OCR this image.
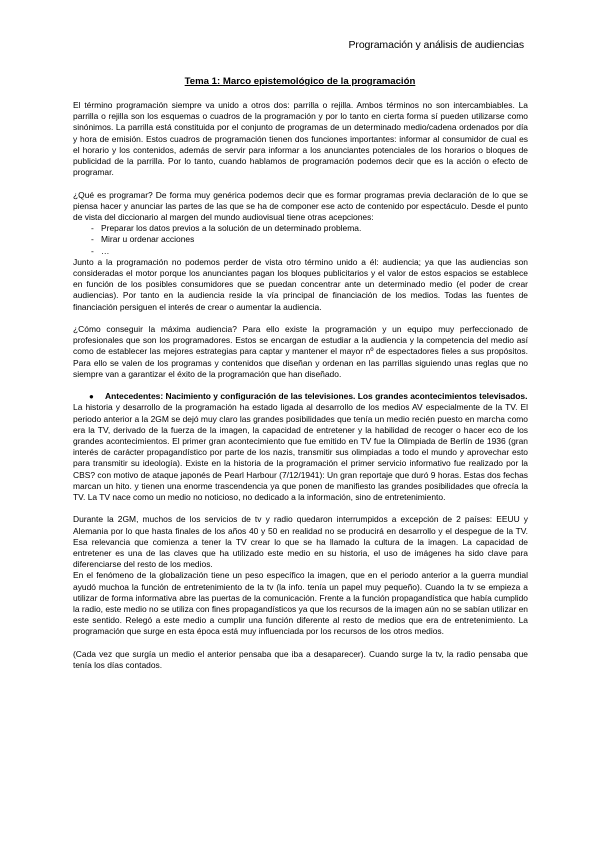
Programación y análisis de audiencias
Tema 1: Marco epistemológico de la programación

El término programación siempre va unido a otros dos: parrilla o rejilla. Ambos términos no son intercambiables. La parrilla o rejilla son los esquemas o cuadros de la programación y por lo tanto en cierta forma sí pueden utilizarse como sinónimos. La parrilla está constituida por el conjunto de programas de un determinado medio/cadena ordenados por día y hora de emisión. Estos cuadros de programación tienen dos funciones importantes: informar al consumidor de cual es el horario y los contenidos, además de servir para informar a los anunciantes potenciales de los horarios o bloques de publicidad de la parrilla. Por lo tanto, cuando hablamos de programación podemos decir que es la acción o efecto de programar.

¿Qué es programar? De forma muy genérica podemos decir que es formar programas previa declaración de lo que se piensa hacer y anunciar las partes de las que se ha de componer ese acto de contenido por espectáculo. Desde el punto de vista del diccionario al margen del mundo audiovisual tiene otras acepciones:

- Preparar los datos previos a la solución de un determinado problema.
- Mirar u ordenar acciones
- …

Junto a la programación no podemos perder de vista otro término unido a él: audiencia; ya que las audiencias son consideradas el motor porque los anunciantes pagan los bloques publicitarios y el valor de estos espacios se establece en función de los posibles consumidores que se puedan concentrar ante un determinado medio (el poder de crear audiencias). Por tanto en la audiencia reside la vía principal de financiación de los medios. Todas las fuentes de financiación persiguen el interés de crear o aumentar la audiencia.

¿Cómo conseguir la máxima audiencia? Para ello existe la programación y un equipo muy perfeccionado de profesionales que son los programadores. Estos se encargan de estudiar a la audiencia y la competencia del medio así como de establecer las mejores estrategias para captar y mantener el mayor nº de espectadores fieles a sus propósitos. Para ello se valen de los programas y contenidos que diseñan y ordenan en las parrillas siguiendo unas reglas que no siempre van a garantizar el éxito de la programación que han diseñado.

● Antecedentes: Nacimiento y configuración de las televisiones. Los grandes acontecimientos televisados.

La historia y desarrollo de la programación ha estado ligada al desarrollo de los medios AV especialmente de la TV. El periodo anterior a la 2GM se dejó muy claro las grandes posibilidades que tenía un medio recién puesto en marcha como era la TV, derivado de la fuerza de la imagen, la capacidad de entretener y la habilidad de recoger o hacer eco de los grandes acontecimientos. El primer gran acontecimiento que fue emitido en TV fue la Olimpiada de Berlín de 1936 (gran interés de carácter propagandístico por parte de los nazis, transmitir sus olimpiadas a todo el mundo y aprovechar esto para transmitir su ideología). Existe en la historia de la programación el primer servicio informativo fue realizado por la CBS? con motivo de ataque japonés de Pearl Harbour (7/12/1941): Un gran reportaje que duró 9 horas. Estas dos fechas marcan un hito. y tienen una enorme trascendencia ya que ponen de manifiesto las grandes posibilidades que ofrecía la TV. La TV nace como un medio no noticioso, no dedicado a la información, sino de entretenimiento.

Durante la 2GM, muchos de los servicios de tv y radio quedaron interrumpidos a excepción de 2 países: EEUU y Alemania por lo que hasta finales de los años 40 y 50 en realidad no se producirá en desarrollo y el despegue de la TV. Esa relevancia que comienza a tener la TV crear lo que se ha llamado la cultura de la imagen. La capacidad de entretener es una de las claves que ha utilizado este medio en su historia, el uso de imágenes ha sido clave para diferenciarse del resto de los medios.

En el fenómeno de la globalización tiene un peso específico la imagen, que en el periodo anterior a la guerra mundial ayudó muchoa la función de entretenimiento de la tv (la info. tenía un papel muy pequeño). Cuando la tv se empieza a utilizar de forma informativa abre las puertas de la comunicación. Frente a la función propagandística que había cumplido la radio, este medio no se utiliza con fines propagandísticos ya que los recursos de la imagen aún no se sabían utilizar en este sentido. Relegó a este medio a cumplir una función diferente al resto de medios que era de entretenimiento. La programación que surge en esta época está muy influenciada por los recursos de los otros medios.

(Cada vez que surgía un medio el anterior pensaba que iba a desaparecer). Cuando surge la tv, la radio pensaba que tenía los días contados.
